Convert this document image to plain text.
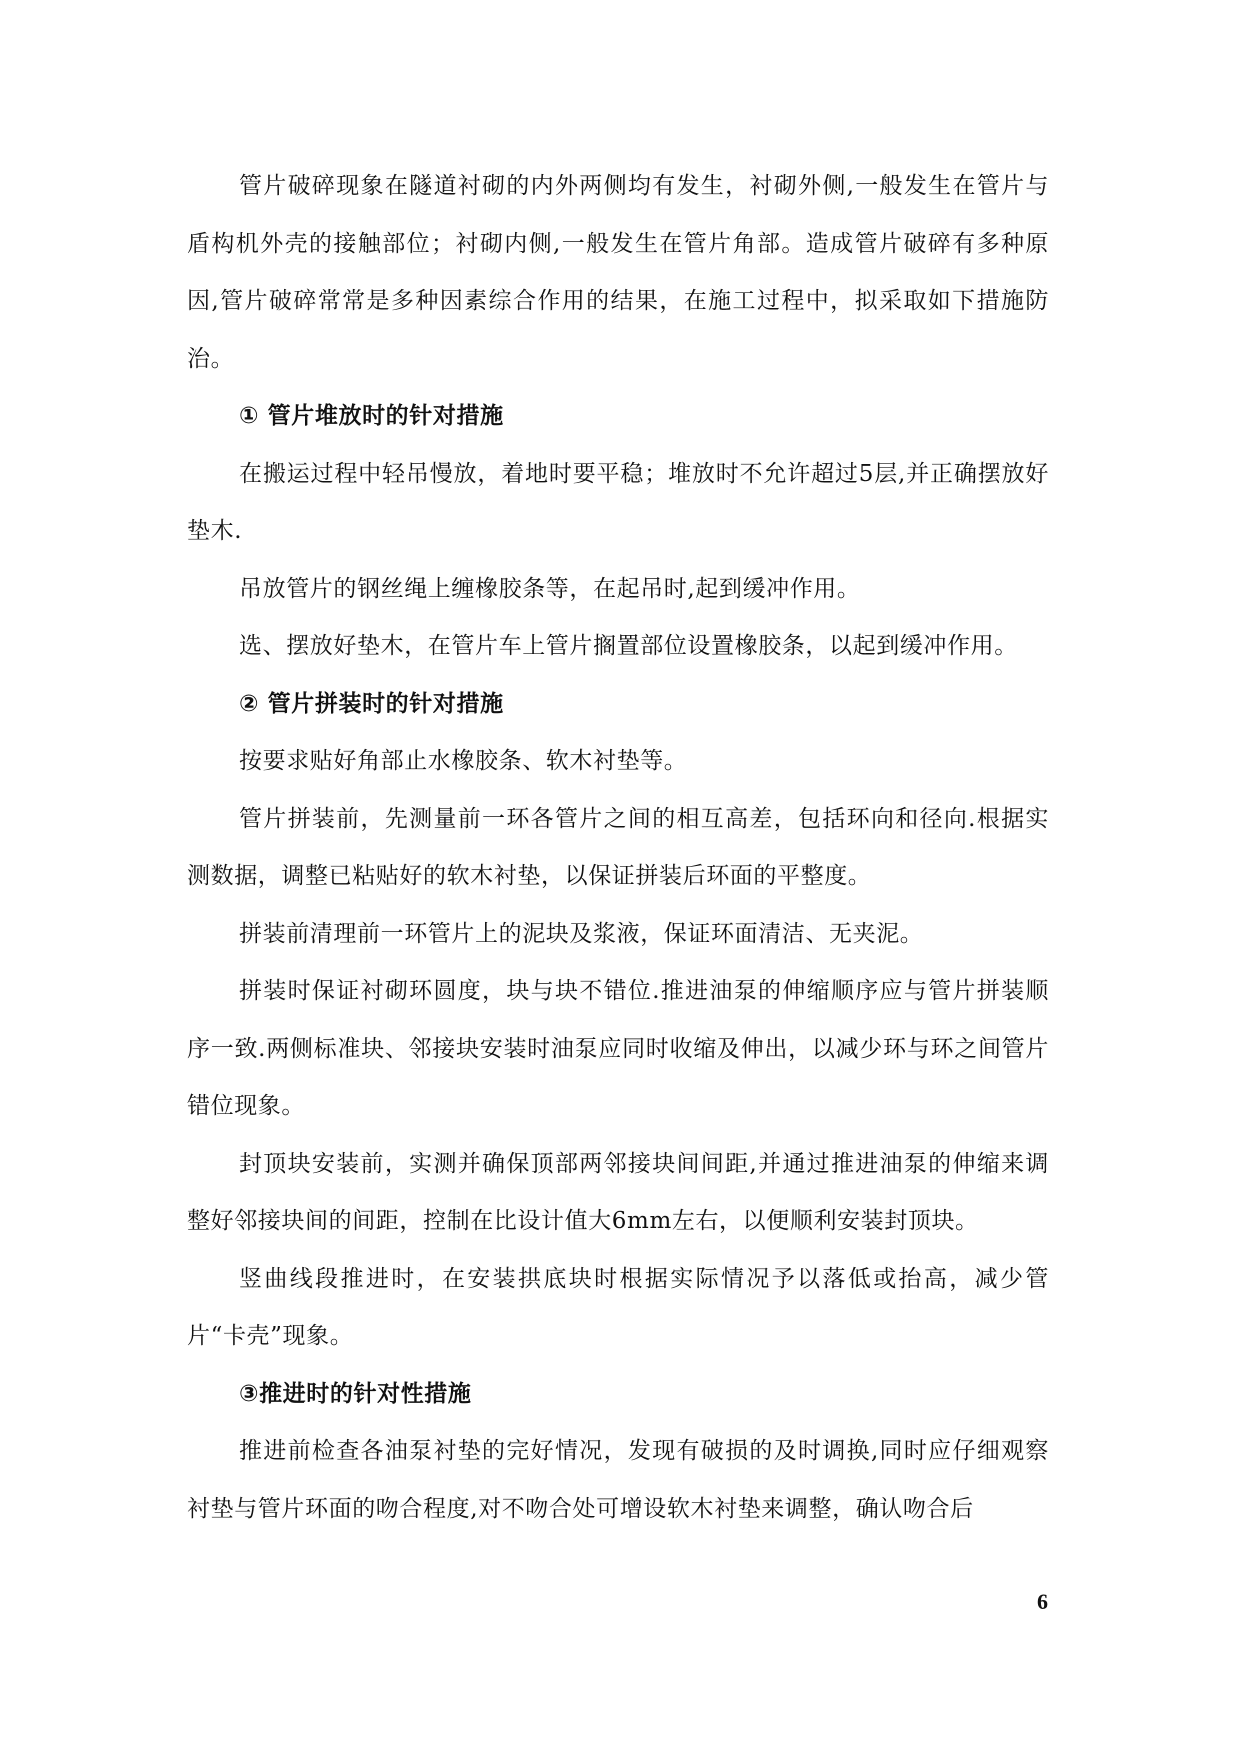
管片破碎现象在隧道衬砌的内外两侧均有发生，衬砌外侧,一般发生在管片与盾构机外壳的接触部位；衬砌内侧,一般发生在管片角部。造成管片破碎有多种原因,管片破碎常常是多种因素综合作用的结果，在施工过程中，拟采取如下措施防治。

① 管片堆放时的针对措施

在搬运过程中轻吊慢放，着地时要平稳；堆放时不允许超过5层,并正确摆放好垫木.

吊放管片的钢丝绳上缠橡胶条等，在起吊时,起到缓冲作用。

选、摆放好垫木，在管片车上管片搁置部位设置橡胶条，以起到缓冲作用。

② 管片拼装时的针对措施

按要求贴好角部止水橡胶条、软木衬垫等。

管片拼装前，先测量前一环各管片之间的相互高差，包括环向和径向.根据实测数据，调整已粘贴好的软木衬垫，以保证拼装后环面的平整度。

拼装前清理前一环管片上的泥块及浆液，保证环面清洁、无夹泥。

拼装时保证衬砌环圆度，块与块不错位.推进油泵的伸缩顺序应与管片拼装顺序一致.两侧标准块、邻接块安装时油泵应同时收缩及伸出，以减少环与环之间管片错位现象。

封顶块安装前，实测并确保顶部两邻接块间间距,并通过推进油泵的伸缩来调整好邻接块间的间距，控制在比设计值大6mm左右，以便顺利安装封顶块。

竖曲线段推进时，在安装拱底块时根据实际情况予以落低或抬高，减少管片“卡壳”现象。

③推进时的针对性措施

推进前检查各油泵衬垫的完好情况，发现有破损的及时调换,同时应仔细观察衬垫与管片环面的吻合程度,对不吻合处可增设软木衬垫来调整，确认吻合后

6
